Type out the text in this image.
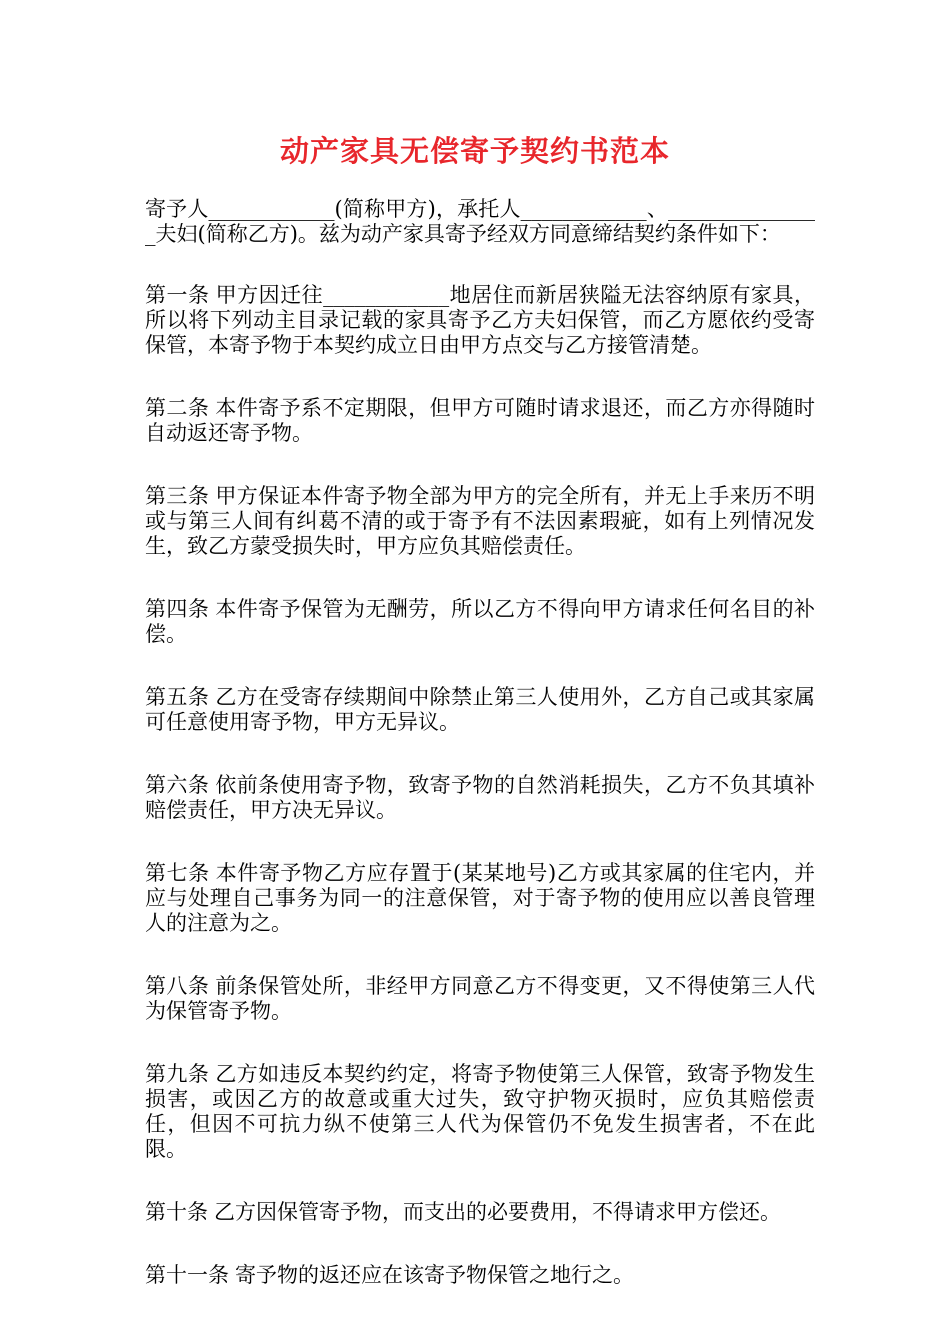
动产家具无偿寄予契约书范本

寄予人____________(简称甲方)，承托人____________、_______________夫妇(简称乙方)。兹为动产家具寄予经双方同意缔结契约条件如下：

第一条 甲方因迁往____________地居住而新居狭隘无法容纳原有家具，所以将下列动主目录记载的家具寄予乙方夫妇保管，而乙方愿依约受寄保管，本寄予物于本契约成立日由甲方点交与乙方接管清楚。

第二条 本件寄予系不定期限，但甲方可随时请求退还，而乙方亦得随时自动返还寄予物。

第三条 甲方保证本件寄予物全部为甲方的完全所有，并无上手来历不明或与第三人间有纠葛不清的或于寄予有不法因素瑕疵，如有上列情况发生，致乙方蒙受损失时，甲方应负其赔偿责任。

第四条 本件寄予保管为无酬劳，所以乙方不得向甲方请求任何名目的补偿。

第五条 乙方在受寄存续期间中除禁止第三人使用外，乙方自己或其家属可任意使用寄予物，甲方无异议。

第六条 依前条使用寄予物，致寄予物的自然消耗损失，乙方不负其填补赔偿责任，甲方决无异议。

第七条 本件寄予物乙方应存置于(某某地号)乙方或其家属的住宅内，并应与处理自己事务为同一的注意保管，对于寄予物的使用应以善良管理人的注意为之。

第八条 前条保管处所，非经甲方同意乙方不得变更，又不得使第三人代为保管寄予物。

第九条 乙方如违反本契约约定，将寄予物使第三人保管，致寄予物发生损害，或因乙方的故意或重大过失，致守护物灭损时，应负其赔偿责任，但因不可抗力纵不使第三人代为保管仍不免发生损害者，不在此限。

第十条 乙方因保管寄予物，而支出的必要费用，不得请求甲方偿还。

第十一条 寄予物的返还应在该寄予物保管之地行之。
